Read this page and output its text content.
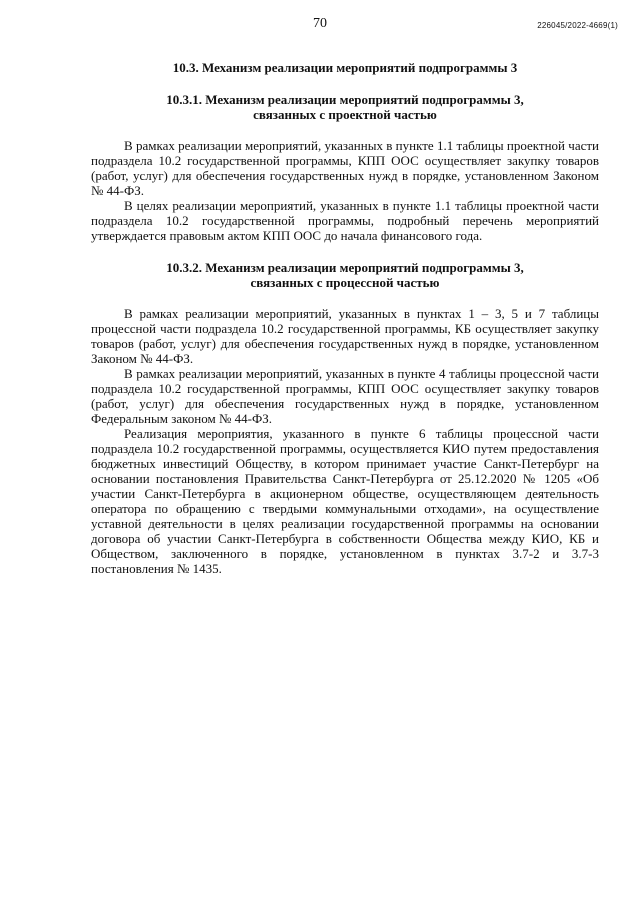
70	226045/2022-4669(1)
10.3. Механизм реализации мероприятий подпрограммы 3
10.3.1. Механизм реализации мероприятий подпрограммы 3,
связанных с проектной частью

В рамках реализации мероприятий, указанных в пункте 1.1 таблицы проектной части подраздела 10.2 государственной программы, КПП ООС осуществляет закупку товаров (работ, услуг) для обеспечения государственных нужд в порядке, установленном Законом № 44-ФЗ.

В целях реализации мероприятий, указанных в пункте 1.1 таблицы проектной части подраздела 10.2 государственной программы, подробный перечень мероприятий утверждается правовым актом КПП ООС до начала финансового года.

10.3.2. Механизм реализации мероприятий подпрограммы 3,
связанных с процессной частью

В рамках реализации мероприятий, указанных в пунктах 1 – 3, 5 и 7 таблицы процессной части подраздела 10.2 государственной программы, КБ осуществляет закупку товаров (работ, услуг) для обеспечения государственных нужд в порядке, установленном Законом № 44-ФЗ.

В рамках реализации мероприятий, указанных в пункте 4 таблицы процессной части подраздела 10.2 государственной программы, КПП ООС осуществляет закупку товаров (работ, услуг) для обеспечения государственных нужд в порядке, установленном Федеральным законом № 44-ФЗ.

Реализация мероприятия, указанного в пункте 6 таблицы процессной части подраздела 10.2 государственной программы, осуществляется КИО путем предоставления бюджетных инвестиций Обществу, в котором принимает участие Санкт-Петербург на основании постановления Правительства Санкт-Петербурга от 25.12.2020 № 1205 «Об участии Санкт-Петербурга в акционерном обществе, осуществляющем деятельность оператора по обращению с твердыми коммунальными отходами», на осуществление уставной деятельности в целях реализации государственной программы на основании договора об участии Санкт-Петербурга в собственности Общества между КИО, КБ и Обществом, заключенного в порядке, установленном в пунктах 3.7-2 и 3.7-3 постановления № 1435.
